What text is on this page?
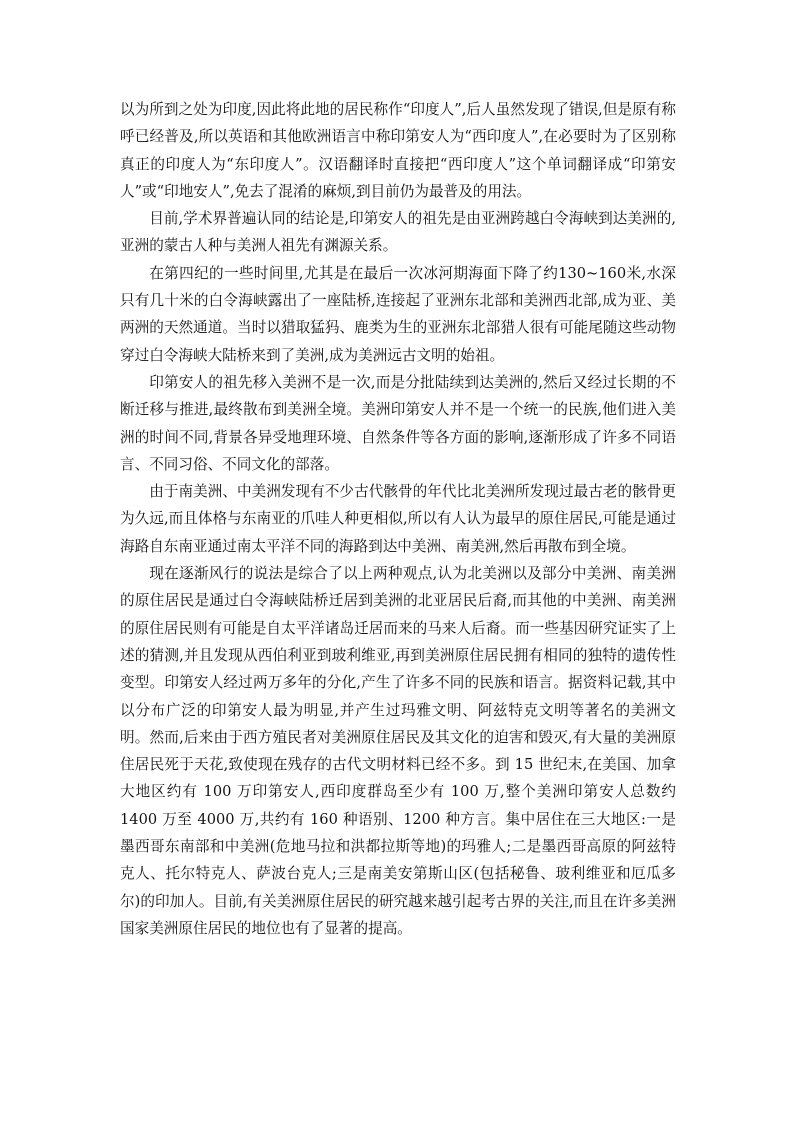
以为所到之处为印度,因此将此地的居民称作“印度人”,后人虽然发现了错误,但是原有称呼已经普及,所以英语和其他欧洲语言中称印第安人为“西印度人”,在必要时为了区别称真正的印度人为“东印度人”。汉语翻译时直接把“西印度人”这个单词翻译成“印第安人”或“印地安人”,免去了混淆的麻烦,到目前仍为最普及的用法。

目前,学术界普遍认同的结论是,印第安人的祖先是由亚洲跨越白令海峡到达美洲的,亚洲的蒙古人种与美洲人祖先有渊源关系。

在第四纪的一些时间里,尤其是在最后一次冰河期海面下降了约130~160米,水深只有几十米的白令海峡露出了一座陆桥,连接起了亚洲东北部和美洲西北部,成为亚、美两洲的天然通道。当时以猎取猛犸、鹿类为生的亚洲东北部猎人很有可能尾随这些动物穿过白令海峡大陆桥来到了美洲,成为美洲远古文明的始祖。

印第安人的祖先移入美洲不是一次,而是分批陆续到达美洲的,然后又经过长期的不断迁移与推进,最终散布到美洲全境。美洲印第安人并不是一个统一的民族,他们进入美洲的时间不同,背景各异受地理环境、自然条件等各方面的影响,逐渐形成了许多不同语言、不同习俗、不同文化的部落。

由于南美洲、中美洲发现有不少古代骸骨的年代比北美洲所发现过最古老的骸骨更为久远,而且体格与东南亚的爪哇人种更相似,所以有人认为最早的原住居民,可能是通过海路自东南亚通过南太平洋不同的海路到达中美洲、南美洲,然后再散布到全境。

现在逐渐风行的说法是综合了以上两种观点,认为北美洲以及部分中美洲、南美洲的原住居民是通过白令海峡陆桥迁居到美洲的北亚居民后裔,而其他的中美洲、南美洲的原住居民则有可能是自太平洋诸岛迁居而来的马来人后裔。而一些基因研究证实了上述的猜测,并且发现从西伯利亚到玻利维亚,再到美洲原住居民拥有相同的独特的遗传性变型。印第安人经过两万多年的分化,产生了许多不同的民族和语言。据资料记载,其中以分布广泛的印第安人最为明显,并产生过玛雅文明、阿兹特克文明等著名的美洲文明。然而,后来由于西方殖民者对美洲原住居民及其文化的迫害和毁灭,有大量的美洲原住居民死于天花,致使现在残存的古代文明材料已经不多。到 15 世纪末,在美国、加拿大地区约有 100 万印第安人,西印度群岛至少有 100 万,整个美洲印第安人总数约 1400 万至 4000 万,共约有 160 种语别、1200 种方言。集中居住在三大地区:一是墨西哥东南部和中美洲(危地马拉和洪都拉斯等地)的玛雅人;二是墨西哥高原的阿兹特克人、托尔特克人、萨波台克人;三是南美安第斯山区(包括秘鲁、玻利维亚和厄瓜多尔)的印加人。目前,有关美洲原住居民的研究越来越引起考古界的关注,而且在许多美洲国家美洲原住居民的地位也有了显著的提高。
